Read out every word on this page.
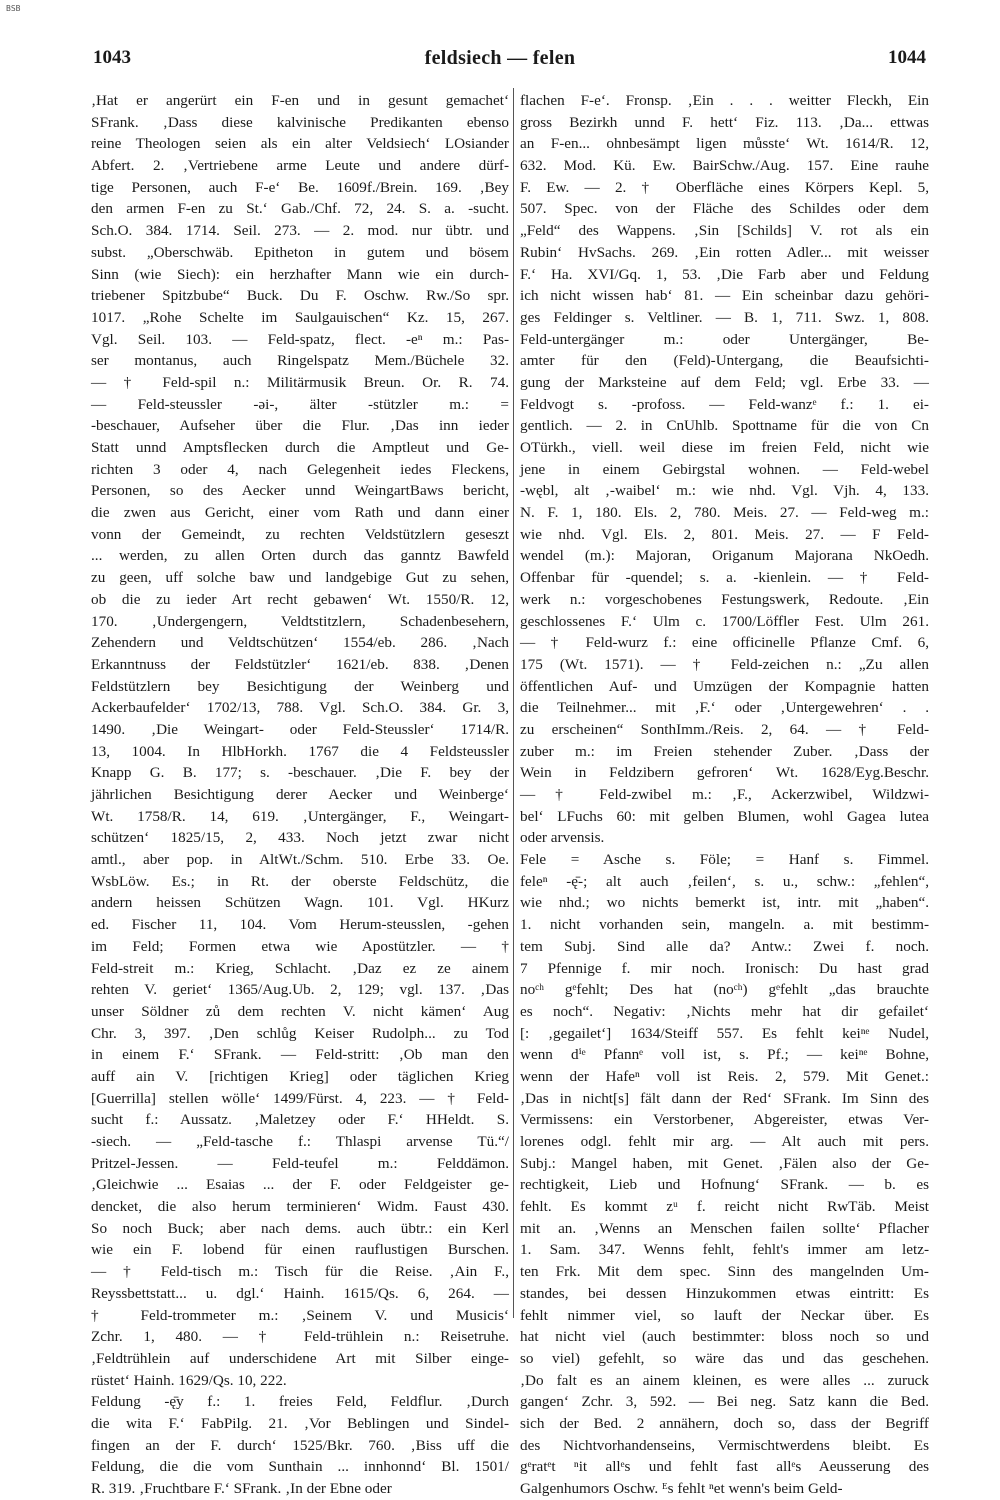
BSB
1043	feldsiech — felen	1044
‚Hat er angerürt ein F-en und in gesunt gemachet‘
SFrank. ‚Dass diese kalvinische Predikanten ebenso
reine Theologen seien als ein alter Veldsiech‘ LOsiander
Abfert. 2. ‚Vertriebene arme Leute und andere dürf-
tige Personen, auch F-e‘ Be. 1609f./Brein. 169. ‚Bey
den armen F-en zu St.‘ Gab./Chf. 72, 24. S. a. -sucht.
Sch.O. 384. 1714. Seil. 273. — 2. mod. nur übtr. und
subst. „Oberschwäb. Epitheton in gutem und bösem
Sinn (wie Siech): ein herzhafter Mann wie ein durch-
triebener Spitzbube“ Buck. Du F. Oschw. Rw./So spr.
1017. „Rohe Schelte im Saulgauischen“ Kz. 15, 267.
Vgl. Seil. 103. — Feld-spatz, flect. -eⁿ m.: Pas-
ser montanus, auch Ringelspatz Mem./Büchele 32.
— † Feld-spil n.: Militärmusik Breun. Or. R. 74.
— Feld-steussler -əi-, älter -stützler m.: =
-beschauer, Aufseher über die Flur. ‚Das inn ieder
Statt unnd Amptsflecken durch die Amptleut und Ge-
richten 3 oder 4, nach Gelegenheit iedes Fleckens,
Personen, so des Aecker unnd WeingartBaws bericht,
die zwen aus Gericht, einer vom Rath und dann einer
vonn der Gemeindt, zu rechten Veldstützlern geseszt
... werden, zu allen Orten durch das ganntz Bawfeld
zu geen, uff solche baw und landgebige Gut zu sehen,
ob die zu ieder Art recht gebawen‘ Wt. 1550/R. 12,
170. ‚Undergengern, Veldtstitzlern, Schadenbesehern,
Zehendern und Veldtschützen‘ 1554/eb. 286. ‚Nach
Erkanntnuss der Feldstützler‘ 1621/eb. 838. ‚Denen
Feldstützlern bey Besichtigung der Weinberg und
Ackerbaufelder‘ 1702/13, 788. Vgl. Sch.O. 384. Gr. 3,
1490. ‚Die Weingart- oder Feld-Steussler‘ 1714/R.
13, 1004. In HlbHorkh. 1767 die 4 Feldsteussler
Knapp G. B. 177; s. -beschauer. ‚Die F. bey der
jährlichen Besichtigung derer Aecker und Weinberge‘
Wt. 1758/R. 14, 619. ‚Untergänger, F., Weingart-
schützen‘ 1825/15, 2, 433. Noch jetzt zwar nicht
amtl., aber pop. in AltWt./Schm. 510. Erbe 33. Oe.
WsbLöw. Es.; in Rt. der oberste Feldschütz, die
andern heissen Schützen Wagn. 101. Vgl. HKurz
ed. Fischer 11, 104. Vom Herum-steusslen, -gehen
im Feld; Formen etwa wie Apostützler. — †
Feld-streit m.: Krieg, Schlacht. ‚Daz ez ze ainem
rehten V. geriet‘ 1365/Aug.Ub. 2, 129; vgl. 137. ‚Das
unser Söldner zů dem rechten V. nicht kämen‘ Aug
Chr. 3, 397. ‚Den schlůg Keiser Rudolph... zu Tod
in einem F.‘ SFrank. — Feld-stritt: ‚Ob man den
auff ain V. [richtigen Krieg] oder täglichen Krieg
[Guerrilla] stellen wölle‘ 1499/Fürst. 4, 223. — † Feld-
sucht f.: Aussatz. ‚Maletzey oder F.‘ HHeldt. S.
-siech. — „Feld-tasche f.: Thlaspi arvense Tü.“/
Pritzel-Jessen. — Feld-teufel m.: Felddämon.
‚Gleichwie ... Esaias ... der F. oder Feldgeister ge-
dencket, die also herum terminieren‘ Widm. Faust 430.
So noch Buck; aber nach dems. auch übtr.: ein Kerl
wie ein F. lobend für einen rauflustigen Burschen.
— † Feld-tisch m.: Tisch für die Reise. ‚Ain F.,
Reyssbettstatt... u. dgl.‘ Hainh. 1615/Qs. 6, 264. —
† Feld-trommeter m.: ‚Seinem V. und Musicis‘
Zchr. 1, 480. — † Feld-trühlein n.: Reisetruhe.
‚Feldtrühlein auf underschidene Art mit Silber einge-
rüstet‘ Hainh. 1629/Qs. 10, 222.
Feldung -ę̄y f.: 1. freies Feld, Feldflur. ‚Durch
die wita F.‘ FabPilg. 21. ‚Vor Beblingen und Sindel-
fingen an der F. durch‘ 1525/Bkr. 760. ‚Biss uff die
Feldung, die die vom Sunthain ... innhonnd‘ Bl. 1501/
R. 319. ‚Fruchtbare F.‘ SFrank. ‚In der Ebne oder
flachen F-e‘. Fronsp. ‚Ein . . . weitter Fleckh, Ein
gross Bezirkh unnd F. hett‘ Fiz. 113. ‚Da... ettwas
an F-en... ohnbesämpt ligen můsste‘ Wt. 1614/R. 12,
632. Mod. Kü. Ew. BairSchw./Aug. 157. Eine rauhe
F. Ew. — 2. † Oberfläche eines Körpers Kepl. 5,
507. Spec. von der Fläche des Schildes oder dem
„Feld“ des Wappens. ‚Sin [Schilds] V. rot als ein
Rubin‘ HvSachs. 269. ‚Ein rotten Adler... mit weisser
F.‘ Ha. XVI/Gq. 1, 53. ‚Die Farb aber und Feldung
ich nicht wissen hab‘ 81. — Ein scheinbar dazu gehöri-
ges Feldinger s. Veltliner. — B. 1, 711. Swz. 1, 808.
Feld-untergänger m.: oder Untergänger, Be-
amter für den (Feld)-Untergang, die Beaufsichti-
gung der Marksteine auf dem Feld; vgl. Erbe 33. —
Feldvogt s. -profoss. — Feld-wanzᵉ f.: 1. ei-
gentlich. — 2. in CnUhlb. Spottname für die von Cn
OTürkh., viell. weil diese im freien Feld, nicht wie
jene in einem Gebirgstal wohnen. — Feld-webel
-wębl, alt ‚-waibel‘ m.: wie nhd. Vgl. Vjh. 4, 133.
N. F. 1, 180. Els. 2, 780. Meis. 27. — Feld-weg m.:
wie nhd. Vgl. Els. 2, 801. Meis. 27. — F Feld-
wendel (m.): Majoran, Origanum Majorana NkOedh.
Offenbar für -quendel; s. a. -kienlein. — † Feld-
werk n.: vorgeschobenes Festungswerk, Redoute. ‚Ein
geschlossenes F.‘ Ulm c. 1700/Löffler Fest. Ulm 261.
— † Feld-wurz f.: eine officinelle Pflanze Cmf. 6,
175 (Wt. 1571). — † Feld-zeichen n.: „Zu allen
öffentlichen Auf- und Umzügen der Kompagnie hatten
die Teilnehmer... mit ‚F.‘ oder ‚Untergewehren‘ . .
zu erscheinen“ SonthImm./Reis. 2, 64. — † Feld-
zuber m.: im Freien stehender Zuber. ‚Dass der
Wein in Feldzibern gefroren‘ Wt. 1628/Eyg.Beschr.
— † Feld-zwibel m.: ‚F., Ackerzwibel, Wildzwi-
bel‘ LFuchs 60: mit gelben Blumen, wohl Gagea lutea
oder arvensis.
Fele = Asche s. Föle; = Hanf s. Fimmel.
feleⁿ -ę̄-; alt auch ‚feilen‘, s. u., schw.: „fehlen“,
wie nhd.; wo nichts bemerkt ist, intr. mit „haben“.
1. nicht vorhanden sein, mangeln. a. mit bestimm-
tem Subj. Sind alle da? Antw.: Zwei f. noch.
7 Pfennige f. mir noch. Ironisch: Du hast grad
noᶜʰ gᵉfehlt; Des hat (noᶜʰ) gᵉfehlt „das brauchte
es noch“. Negativ: ‚Nichts mehr hat dir gefailet‘
[: ‚gegailet‘] 1634/Steiff 557. Es fehlt keiⁿᵉ Nudel,
wenn dⁱᵉ Pfannᵉ voll ist, s. Pf.; — keiⁿᵉ Bohne,
wenn der Hafeⁿ voll ist Reis. 2, 579. Mit Genet.:
‚Das in nicht[s] fält dann der Red‘ SFrank. Im Sinn des
Vermissens: ein Verstorbener, Abgereister, etwas Ver-
lorenes odgl. fehlt mir arg. — Alt auch mit pers.
Subj.: Mangel haben, mit Genet. ‚Fälen also der Ge-
rechtigkeit, Lieb und Hofnung‘ SFrank. — b. es
fehlt. Es kommt zᵘ f. reicht nicht RwTäb. Meist
mit an. ‚Wenns an Menschen failen sollte‘ Pflacher
1. Sam. 347. Wenns fehlt, fehlt's immer am letz-
ten Frk. Mit dem spec. Sinn des mangelnden Um-
standes, bei dessen Hinzukommen etwas eintritt: Es
fehlt nimmer viel, so lauft der Neckar über. Es
hat nicht viel (auch bestimmter: bloss noch so und
so viel) gefehlt, so wäre das und das geschehen.
‚Do falt es an ainem kleinen, es were alles ... zuruck
gangen‘ Zchr. 3, 592. — Bei neg. Satz kann die Bed.
sich der Bed. 2 annähern, doch so, dass der Begriff
des Nichtvorhandenseins, Vermischtwerdens bleibt. Es
gᵉratᵉt ⁿit allᵉs und fehlt fast allᵉs Aeusserung des
Galgenhumors Oschw. ᴱs fehlt ⁿet wenn's beim Geld-
